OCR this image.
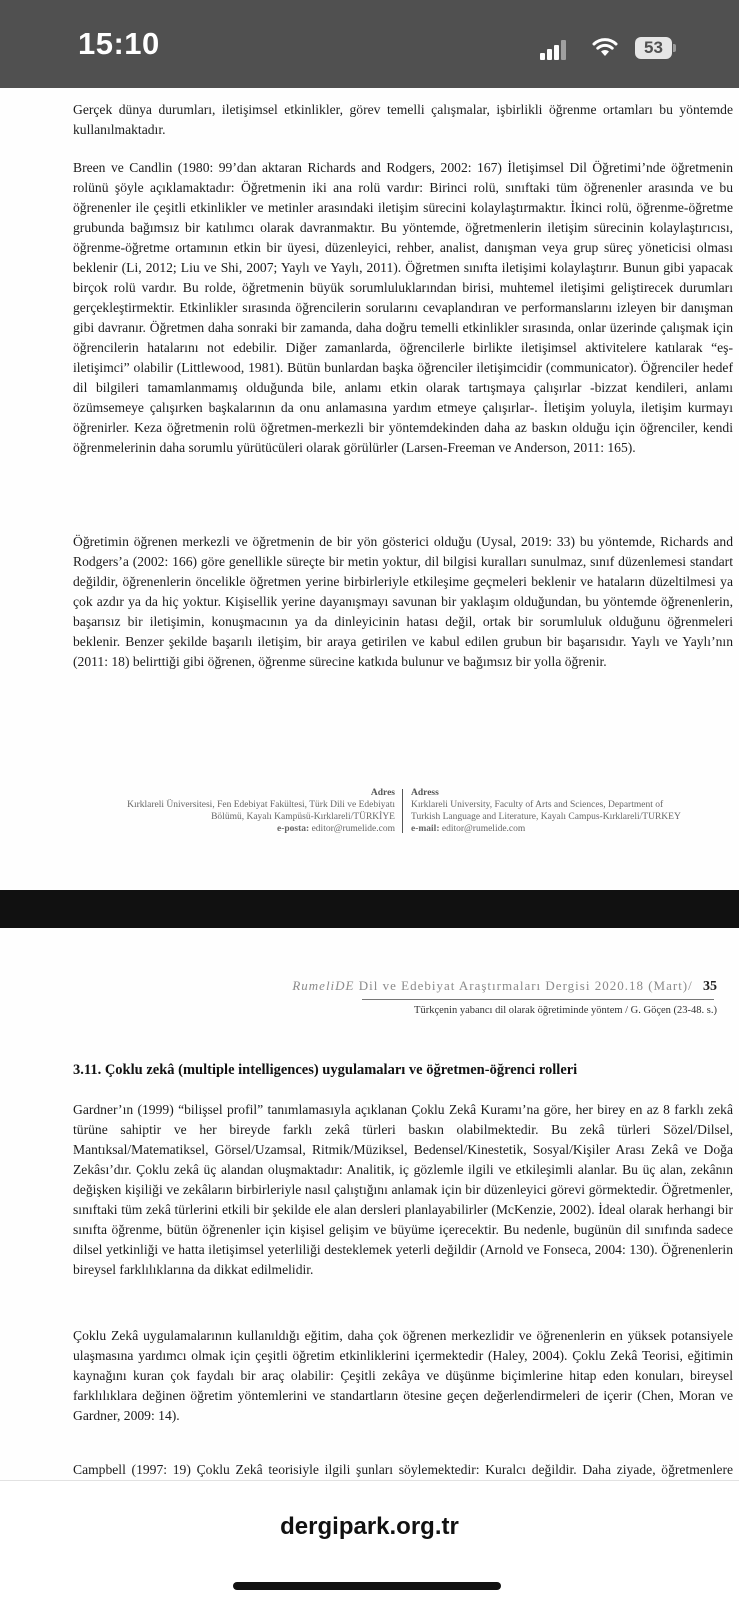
15:10	53

Gerçek dünya durumları, iletişimsel etkinlikler, görev temelli çalışmalar, işbirlikli öğrenme ortamları bu yöntemde kullanılmaktadır.

Breen ve Candlin (1980: 99’dan aktaran Richards and Rodgers, 2002: 167) İletişimsel Dil Öğretimi’nde öğretmenin rolünü şöyle açıklamaktadır: Öğretmenin iki ana rolü vardır: Birinci rolü, sınıftaki tüm öğrenenler arasında ve bu öğrenenler ile çeşitli etkinlikler ve metinler arasındaki iletişim sürecini kolaylaştırmaktır. İkinci rolü, öğrenme-öğretme grubunda bağımsız bir katılımcı olarak davranmaktır. Bu yöntemde, öğretmenlerin iletişim sürecinin kolaylaştırıcısı, öğrenme-öğretme ortamının etkin bir üyesi, düzenleyici, rehber, analist, danışman veya grup süreç yöneticisi olması beklenir (Li, 2012; Liu ve Shi, 2007; Yaylı ve Yaylı, 2011). Öğretmen sınıfta iletişimi kolaylaştırır. Bunun gibi yapacak birçok rolü vardır. Bu rolde, öğretmenin büyük sorumluluklarından birisi, muhtemel iletişimi geliştirecek durumları gerçekleştirmektir. Etkinlikler sırasında öğrencilerin sorularını cevaplandıran ve performanslarını izleyen bir danışman gibi davranır. Öğretmen daha sonraki bir zamanda, daha doğru temelli etkinlikler sırasında, onlar üzerinde çalışmak için öğrencilerin hatalarını not edebilir. Diğer zamanlarda, öğrencilerle birlikte iletişimsel aktivitelere katılarak “eş-iletişimci” olabilir (Littlewood, 1981). Bütün bunlardan başka öğrenciler iletişimcidir (communicator). Öğrenciler hedef dil bilgileri tamamlanmamış olduğunda bile, anlamı etkin olarak tartışmaya çalışırlar -bizzat kendileri, anlamı özümsemeye çalışırken başkalarının da onu anlamasına yardım etmeye çalışırlar-. İletişim yoluyla, iletişim kurmayı öğrenirler. Keza öğretmenin rolü öğretmen-merkezli bir yöntemdekinden daha az baskın olduğu için öğrenciler, kendi öğrenmelerinin daha sorumlu yürütücüleri olarak görülürler (Larsen-Freeman ve Anderson, 2011: 165).

Öğretimin öğrenen merkezli ve öğretmenin de bir yön gösterici olduğu (Uysal, 2019: 33) bu yöntemde, Richards and Rodgers’a (2002: 166) göre genellikle süreçte bir metin yoktur, dil bilgisi kuralları sunulmaz, sınıf düzenlemesi standart değildir, öğrenenlerin öncelikle öğretmen yerine birbirleriyle etkileşime geçmeleri beklenir ve hataların düzeltilmesi ya çok azdır ya da hiç yoktur. Kişisellik yerine dayanışmayı savunan bir yaklaşım olduğundan, bu yöntemde öğrenenlerin, başarısız bir iletişimin, konuşmacının ya da dinleyicinin hatası değil, ortak bir sorumluluk olduğunu öğrenmeleri beklenir. Benzer şekilde başarılı iletişim, bir araya getirilen ve kabul edilen grubun bir başarısıdır. Yaylı ve Yaylı’nın (2011: 18) belirttiği gibi öğrenen, öğrenme sürecine katkıda bulunur ve bağımsız bir yolla öğrenir.

Adres
Kırklareli Üniversitesi, Fen Edebiyat Fakültesi, Türk Dili ve Edebiyatı
Bölümü, Kayalı Kampüsü-Kırklareli/TÜRKİYE
e-posta: editor@rumelide.com
Adress
Kırklareli University, Faculty of Arts and Sciences, Department of
Turkish Language and Literature, Kayalı Campus-Kırklareli/TURKEY
e-mail: editor@rumelide.com
RumeliDE Dil ve Edebiyat Araştırmaları Dergisi 2020.18 (Mart)/ 35
Türkçenin yabancı dil olarak öğretiminde yöntem / G. Göçen (23-48. s.)
3.11. Çoklu zekâ (multiple intelligences) uygulamaları ve öğretmen-öğrenci rolleri

Gardner’ın (1999) “bilişsel profil” tanımlamasıyla açıklanan Çoklu Zekâ Kuramı’na göre, her birey en az 8 farklı zekâ türüne sahiptir ve her bireyde farklı zekâ türleri baskın olabilmektedir. Bu zekâ türleri Sözel/Dilsel, Mantıksal/Matematiksel, Görsel/Uzamsal, Ritmik/Müziksel, Bedensel/Kinestetik, Sosyal/Kişiler Arası Zekâ ve Doğa Zekâsı’dır. Çoklu zekâ üç alandan oluşmaktadır: Analitik, iç gözlemle ilgili ve etkileşimli alanlar. Bu üç alan, zekânın değişken kişiliği ve zekâların birbirleriyle nasıl çalıştığını anlamak için bir düzenleyici görevi görmektedir. Öğretmenler, sınıftaki tüm zekâ türlerini etkili bir şekilde ele alan dersleri planlayabilirler (McKenzie, 2002). İdeal olarak herhangi bir sınıfta öğrenme, bütün öğrenenler için kişisel gelişim ve büyüme içerecektir. Bu nedenle, bugünün dil sınıfında sadece dilsel yetkinliği ve hatta iletişimsel yeterliliği desteklemek yeterli değildir (Arnold ve Fonseca, 2004: 130). Öğrenenlerin bireysel farklılıklarına da dikkat edilmelidir.

Çoklu Zekâ uygulamalarının kullanıldığı eğitim, daha çok öğrenen merkezlidir ve öğrenenlerin en yüksek potansiyele ulaşmasına yardımcı olmak için çeşitli öğretim etkinliklerini içermektedir (Haley, 2004). Çoklu Zekâ Teorisi, eğitimin kaynağını kuran çok faydalı bir araç olabilir: Çeşitli zekâya ve düşünme biçimlerine hitap eden konuları, bireysel farklılıklara değinen öğretim yöntemlerini ve standartların ötesine geçen değerlendirmeleri de içerir (Chen, Moran ve Gardner, 2009: 14).

Campbell (1997: 19) Çoklu Zekâ teorisiyle ilgili şunları söylemektedir: Kuralcı değildir. Daha ziyade, öğretmenlere

dergipark.org.tr
